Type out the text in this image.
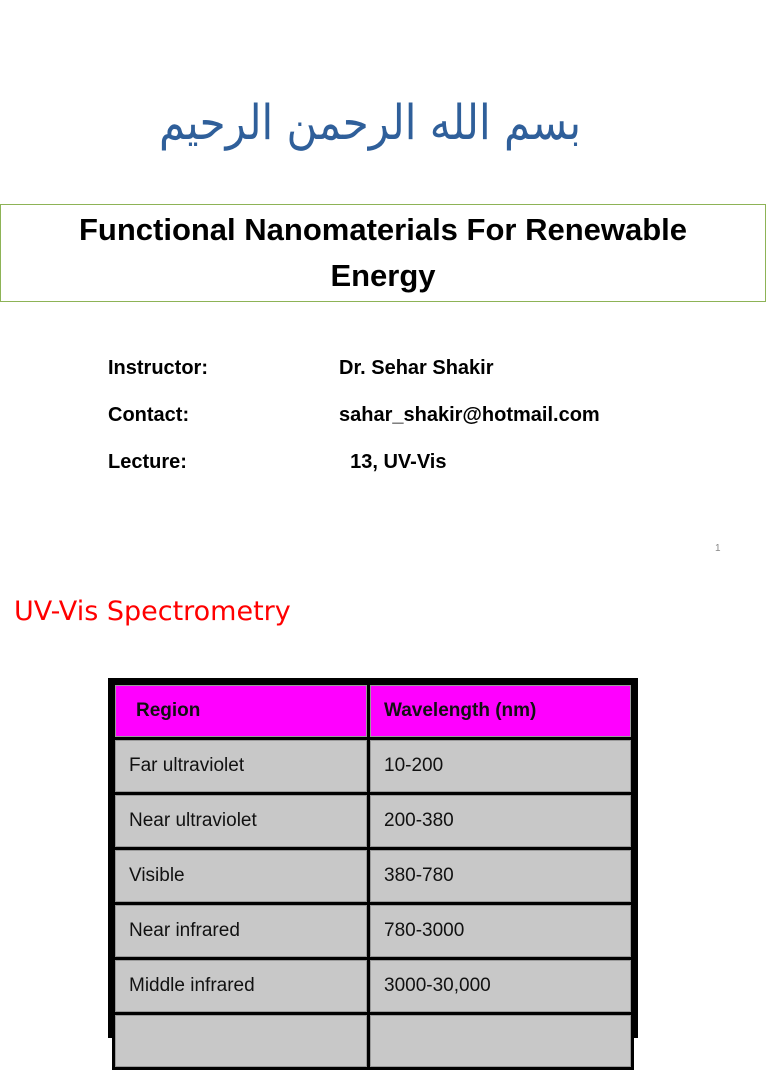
بسم الله الرحمن الرحيم
Functional Nanomaterials For Renewable Energy
Instructor:	Dr. Sehar Shakir
Contact:	sahar_shakir@hotmail.com
Lecture:	13, UV-Vis
1
UV-Vis Spectrometry
Region	Wavelength (nm)
Far ultraviolet	10-200
Near ultraviolet	200-380
Visible	380-780
Near infrared	780-3000
Middle infrared	3000-30,000
